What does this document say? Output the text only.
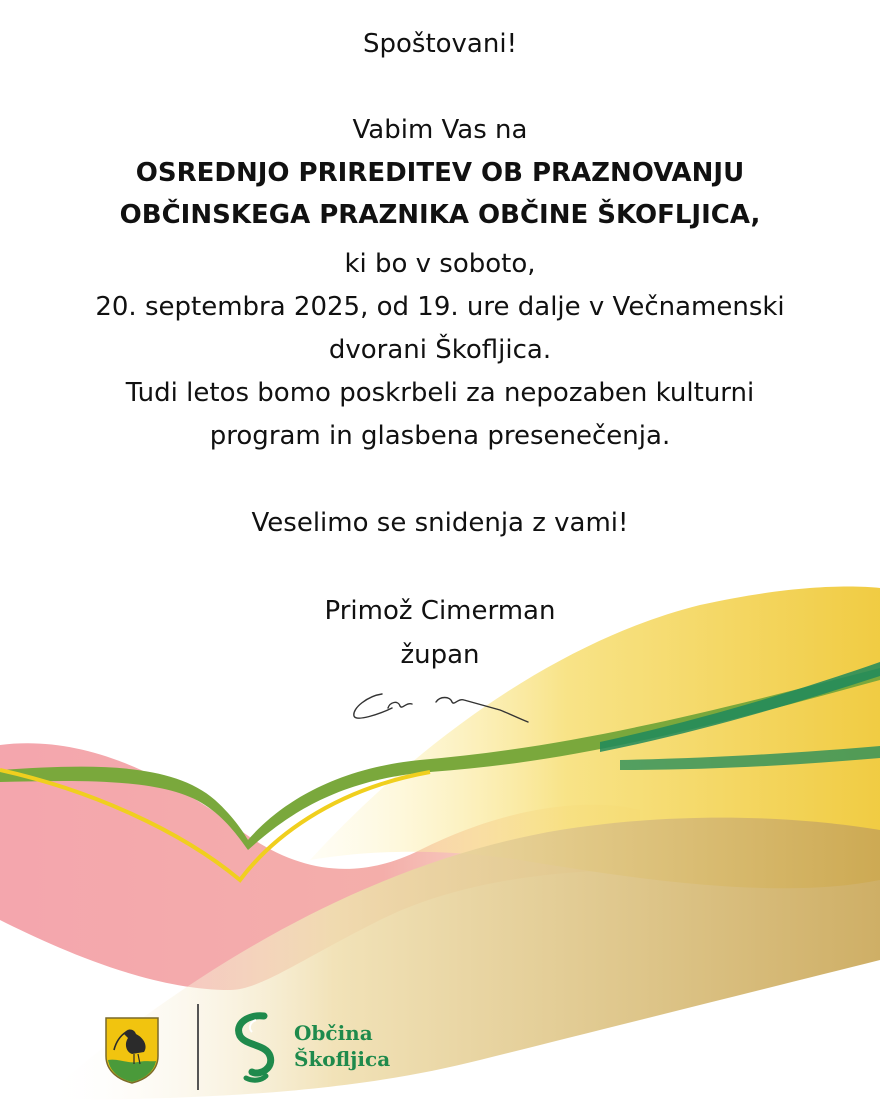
Spoštovani!
Vabim Vas na
OSREDNJO PRIREDITEV OB PRAZNOVANJU
OBČINSKEGA PRAZNIKA OBČINE ŠKOFLJICA,
ki bo v soboto,
20. septembra 2025, od 19. ure dalje v Večnamenski
dvorani Škofljica.
Tudi letos bomo poskrbeli za nepozaben kulturni
program in glasbena presenečenja.
Veselimo se snidenja z vami!
Primož Cimerman
župan
Občina
Škofljica
